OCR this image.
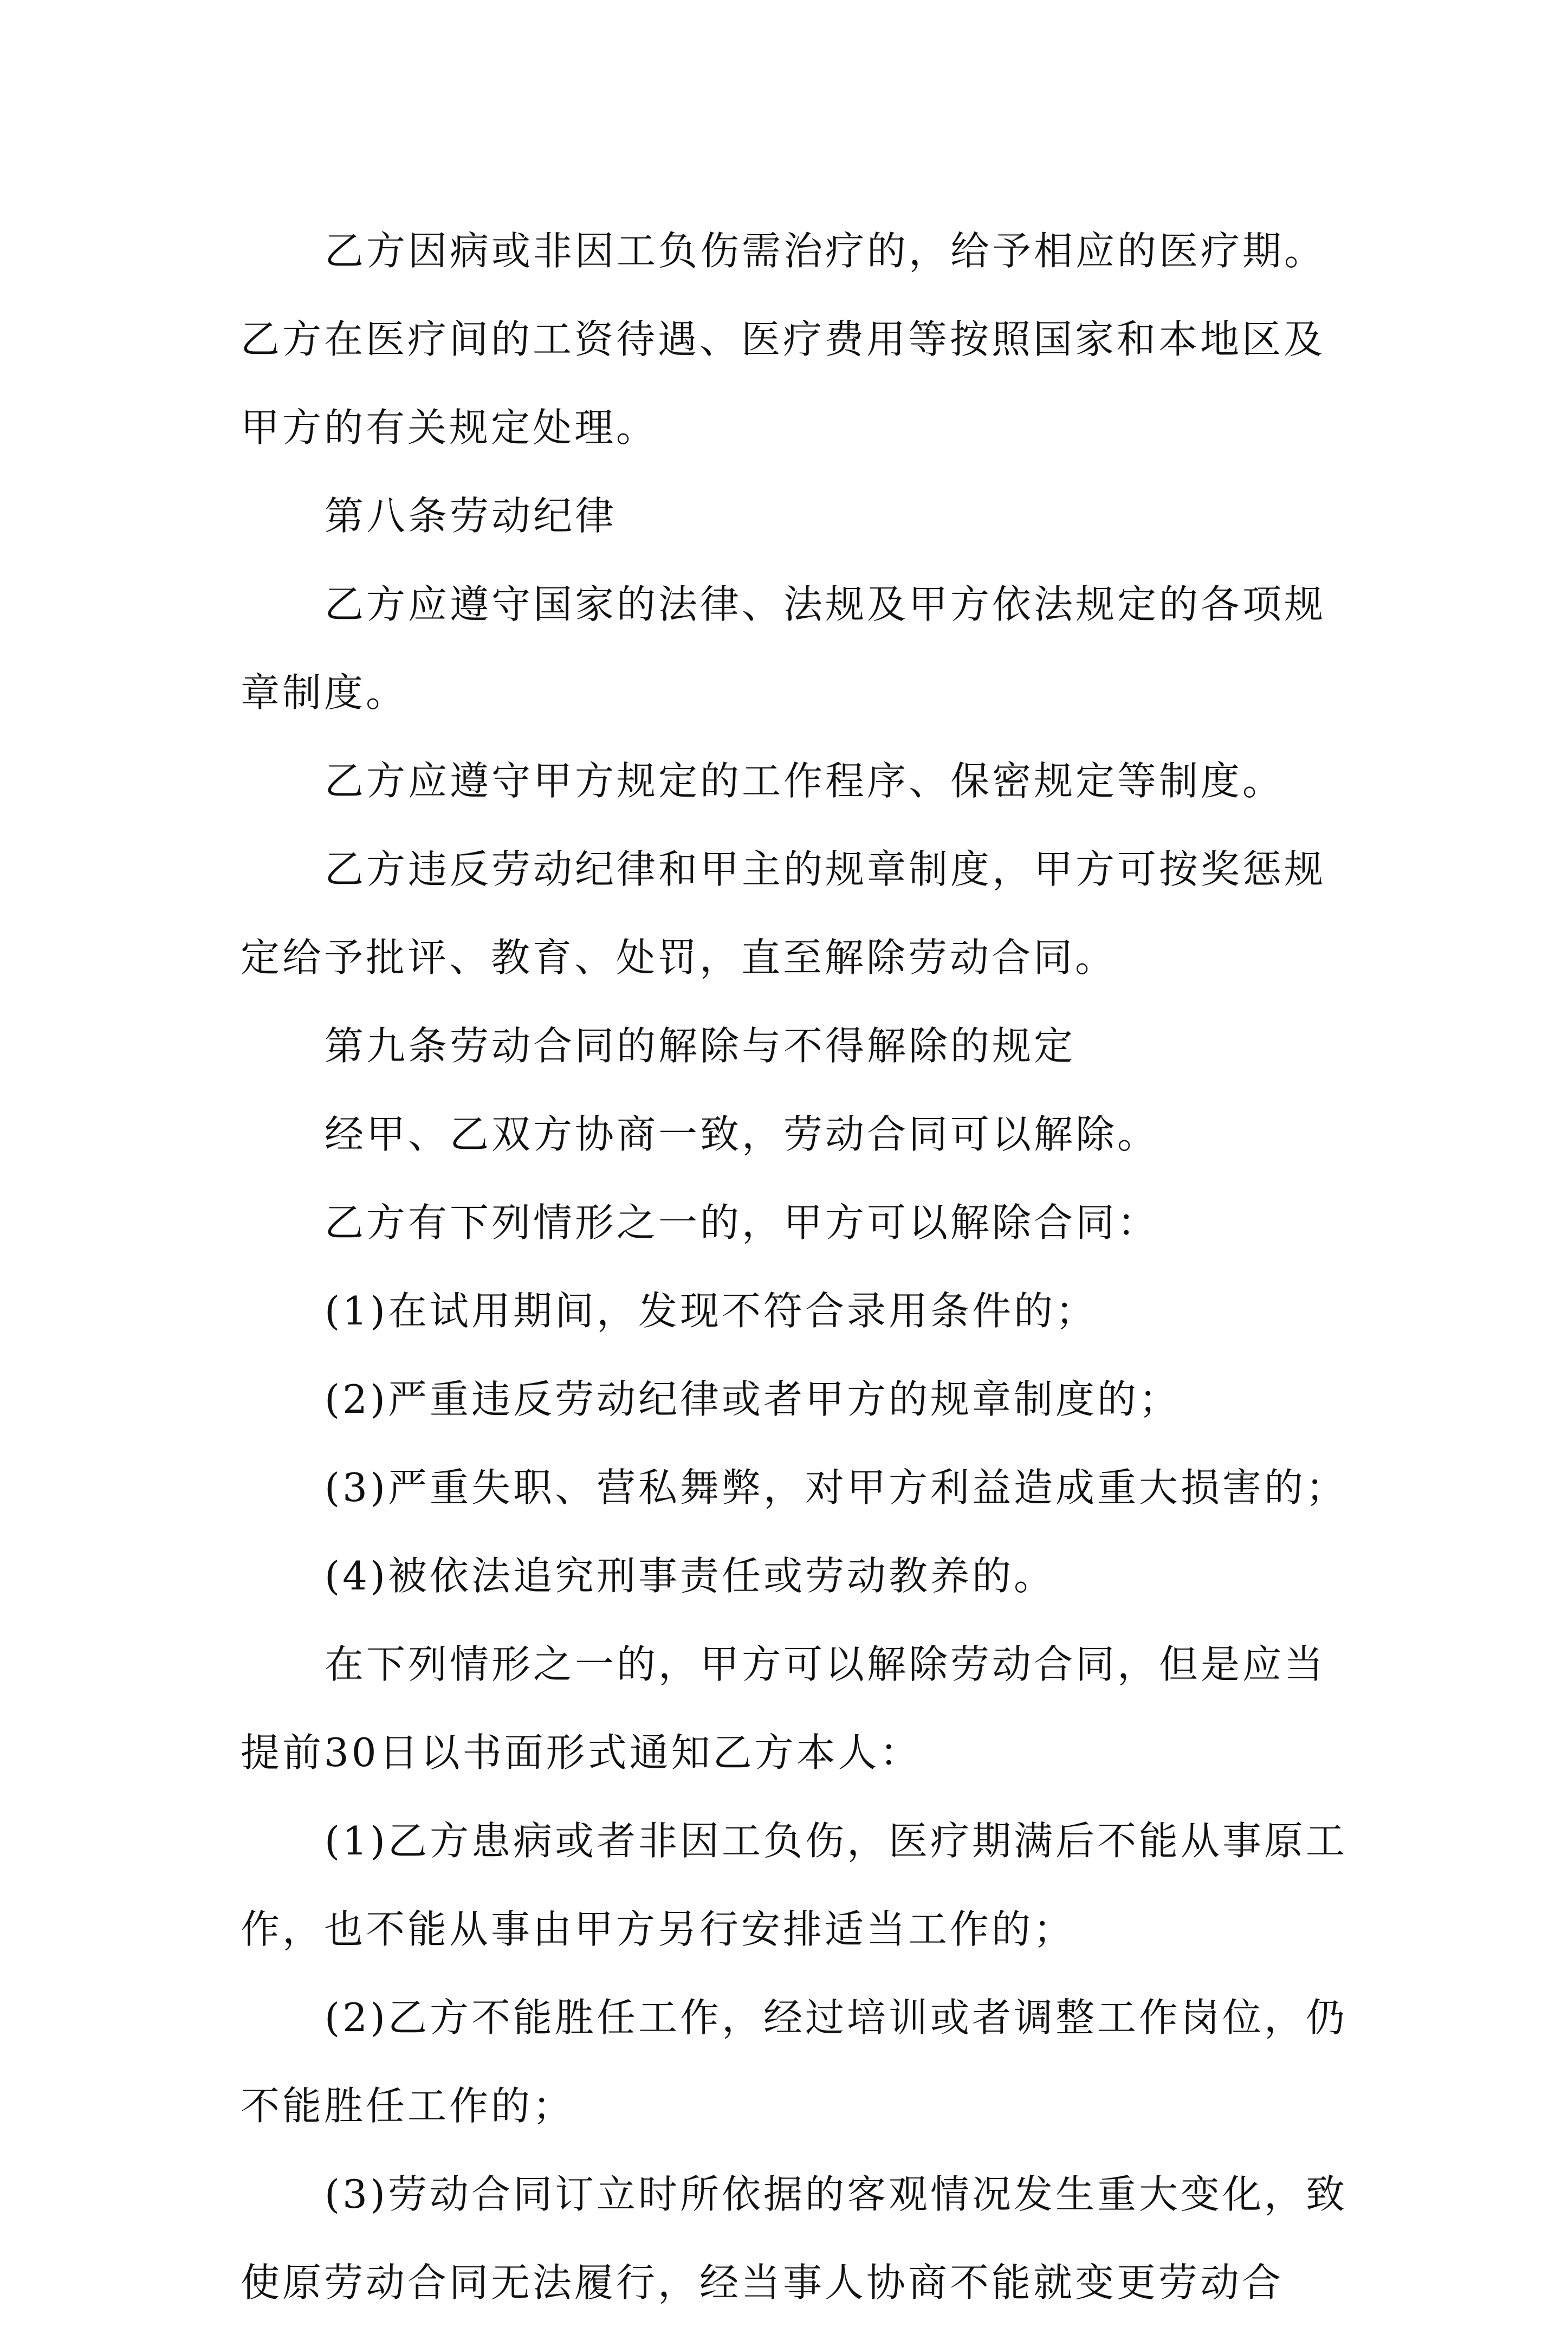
乙方因病或非因工负伤需治疗的，给予相应的医疗期。

乙方在医疗间的工资待遇、医疗费用等按照国家和本地区及甲方的有关规定处理。

第八条劳动纪律

乙方应遵守国家的法律、法规及甲方依法规定的各项规章制度。

乙方应遵守甲方规定的工作程序、保密规定等制度。

乙方违反劳动纪律和甲主的规章制度，甲方可按奖惩规定给予批评、教育、处罚，直至解除劳动合同。

第九条劳动合同的解除与不得解除的规定

经甲、乙双方协商一致，劳动合同可以解除。

乙方有下列情形之一的，甲方可以解除合同：

(1)在试用期间，发现不符合录用条件的；

(2)严重违反劳动纪律或者甲方的规章制度的；

(3)严重失职、营私舞弊，对甲方利益造成重大损害的；

(4)被依法追究刑事责任或劳动教养的。

在下列情形之一的，甲方可以解除劳动合同，但是应当提前30日以书面形式通知乙方本人：

(1)乙方患病或者非因工负伤，医疗期满后不能从事原工作，也不能从事由甲方另行安排适当工作的；

(2)乙方不能胜任工作，经过培训或者调整工作岗位，仍不能胜任工作的；

(3)劳动合同订立时所依据的客观情况发生重大变化，致使原劳动合同无法履行，经当事人协商不能就变更劳动合
